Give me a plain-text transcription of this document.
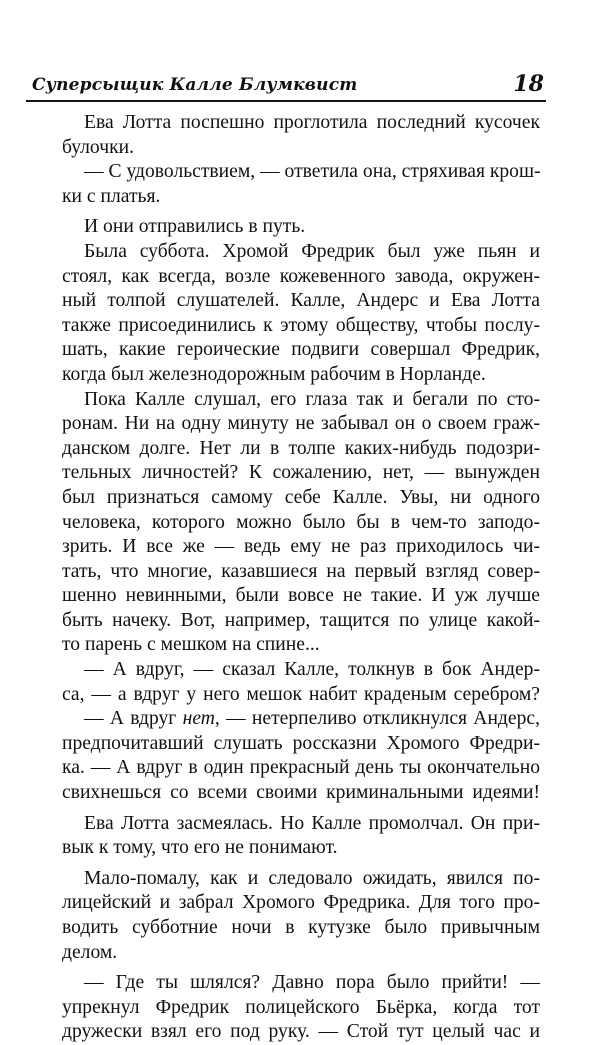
Суперсыщик Калле Блумквист	18
Ева Лотта поспешно проглотила последний кусочек
булочки.
— С удовольствием, — ответила она, стряхивая крош-
ки с платья.
И они отправились в путь.
Была суббота. Хромой Фредрик был уже пьян и
стоял, как всегда, возле кожевенного завода, окружен-
ный толпой слушателей. Калле, Андерс и Ева Лотта
также присоединились к этому обществу, чтобы послу-
шать, какие героические подвиги совершал Фредрик,
когда был железнодорожным рабочим в Норланде.
Пока Калле слушал, его глаза так и бегали по сто-
ронам. Ни на одну минуту не забывал он о своем граж-
данском долге. Нет ли в толпе каких-нибудь подозри-
тельных личностей? К сожалению, нет, — вынужден
был признаться самому себе Калле. Увы, ни одного
человека, которого можно было бы в чем-то заподо-
зрить. И все же — ведь ему не раз приходилось чи-
тать, что многие, казавшиеся на первый взгляд совер-
шенно невинными, были вовсе не такие. И уж лучше
быть начеку. Вот, например, тащится по улице какой-
то парень с мешком на спине...
— А вдруг, — сказал Калле, толкнув в бок Андер-
са, — а вдруг у него мешок набит краденым серебром?
— А вдруг нет, — нетерпеливо откликнулся Андерс,
предпочитавший слушать россказни Хромого Фредри-
ка. — А вдруг в один прекрасный день ты окончательно
свихнешься со всеми своими криминальными идеями!
Ева Лотта засмеялась. Но Калле промолчал. Он при-
вык к тому, что его не понимают.
Мало-помалу, как и следовало ожидать, явился по-
лицейский и забрал Хромого Фредрика. Для того про-
водить субботние ночи в кутузке было привычным
делом.
— Где ты шлялся? Давно пора было прийти! —
упрекнул Фредрик полицейского Бьёрка, когда тот
дружески взял его под руку. — Стой тут целый час и
